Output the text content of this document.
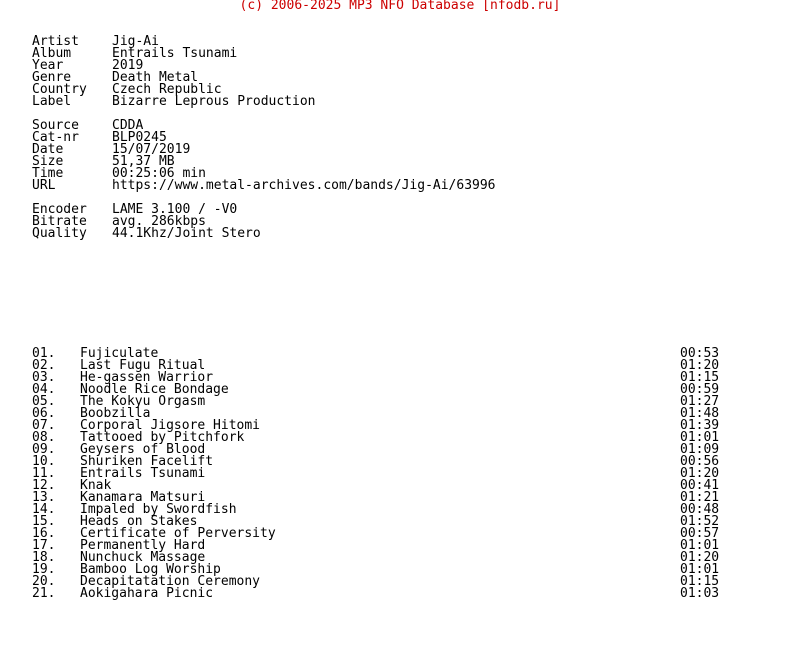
(c) 2006-2025 MP3 NFO Database [nfodb.ru]
Artist	Jig-Ai
Album	Entrails Tsunami
Year	2019
Genre	Death Metal
Country Czech Republic
Label	Bizarre Leprous Production
Source	CDDA
Cat-nr	BLP0245
Date	15/07/2019
Size	51,37 MB
Time	00:25:06 min
URL	https://www.metal-archives.com/bands/Jig-Ai/63996
Encoder LAME 3.100 / -V0
Bitrate avg. 286kbps
Quality 44.1Khz/Joint Stero
01. Fujiculate	00:53
02. Last Fugu Ritual	01:20
03. He-gassen Warrior	01:15
04. Noodle Rice Bondage	00:59
05. The Kokyu Orgasm	01:27
06. Boobzilla	01:48
07. Corporal Jigsore Hitomi	01:39
08. Tattooed by Pitchfork	01:01
09. Geysers of Blood	01:09
10. Shuriken Facelift	00:56
11. Entrails Tsunami	01:20
12. Knak	00:41
13. Kanamara Matsuri	01:21
14. Impaled by Swordfish	00:48
15. Heads on Stakes	01:52
16. Certificate of Perversity	00:57
17. Permanently Hard	01:01
18. Nunchuck Massage	01:20
19. Bamboo Log Worship	01:01
20. Decapitatation Ceremony	01:15
21. Aokigahara Picnic	01:03
